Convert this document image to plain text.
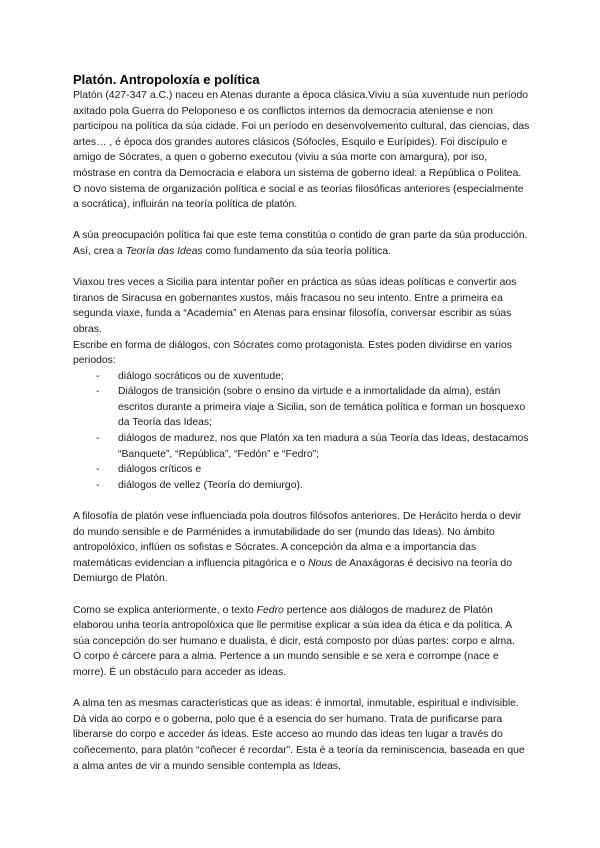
Platón. Antropoloxía e política

Platón (427-347 a.C.) naceu en Atenas durante a época clásica.Viviu a súa xuventude nun período axitado pola Guerra do Peloponeso e os conflictos internos da democracia ateniense e non participou na política da súa cidade. Foi un período en desenvolvemento cultural, das ciencias, das artes… , é época dos grandes autores clásicos (Sófocles, Esquilo e Eurípides). Foi discípulo e amigo de Sócrates, a quen o goberno executou (viviu a súa morte con amargura), por iso, móstrase en contra da Democracia e elabora un sistema de goberno ideal: a República o Politea.

O novo sistema de organización política e social e as teorías filosóficas anteriores (especialmente a socrática), influirán na teoría política de platón.

A súa preocupación política fai que este tema constitúa o contido de gran parte da súa producción. Así, crea a Teoría das Ideas como fundamento da súa teoría política.

Viaxou tres veces a Sicilia para intentar poñer en práctica as súas ideas políticas e convertir aos tiranos de Siracusa en gobernantes xustos, máis fracasou no seu intento. Entre a primeira ea segunda viaxe, funda a “Academia” en Atenas para ensinar filosofía, conversar escribir as súas obras.

Escribe en forma de diálogos, con Sócrates como protagonista. Estes poden dividirse en varios periodos:

- diálogo socráticos ou de xuventude;
- Diálogos de transición (sobre o ensino da virtude e a inmortalidade da alma), están escritos durante a primeira viaje a Sicilia, son de temática política e forman un bosquexo da Teoría das Ideas;
- diálogos de madurez, nos que Platón xa ten madura a súa Teoría das Ideas, destacamos “Banquete”, “República”, “Fedón” e “Fedro”;
- diálogos críticos e
- diálogos de vellez (Teoría do demiurgo).

A filosofía de platón vese influenciada pola doutros filósofos anteriores. De Herácito herda o devir do mundo sensible e de Parménides a inmutabilidade do ser (mundo das Ideas). No ámbito antropolóxico, inflúen os sofistas e Sócrates. A concepción da alma e a importancia das matemáticas evidencian a influencia pitagórica e o Nous de Anaxágoras é decisivo na teoría do Demiurgo de Platón.

Como se explica anteriormente, o texto Fedro pertence aos diálogos de madurez de Platón elaborou unha teoría antropolóxica que lle permitise explicar a súa idea da ética e da política. A súa concepción do ser humano e dualista, é dicir, está composto por dúas partes: corpo e alma.

O corpo é cárcere para a alma. Pertence a un mundo sensible e se xera e corrompe (nace e morre). É un obstáculo para acceder as ideas.

A alma ten as mesmas características que as ideas: é inmortal, inmutable, espiritual e indivisible. Dá vida ao corpo e o goberna, polo que é a esencia do ser humano. Trata de purificarse para liberarse do corpo e acceder ás ideas. Este acceso ao mundo das ideas ten lugar a través do coñecemento, para platón “coñecer é recordar”. Esta é a teoría da reminiscencia, baseada en que a alma antes de vir a mundo sensible contempla as Ideas,
